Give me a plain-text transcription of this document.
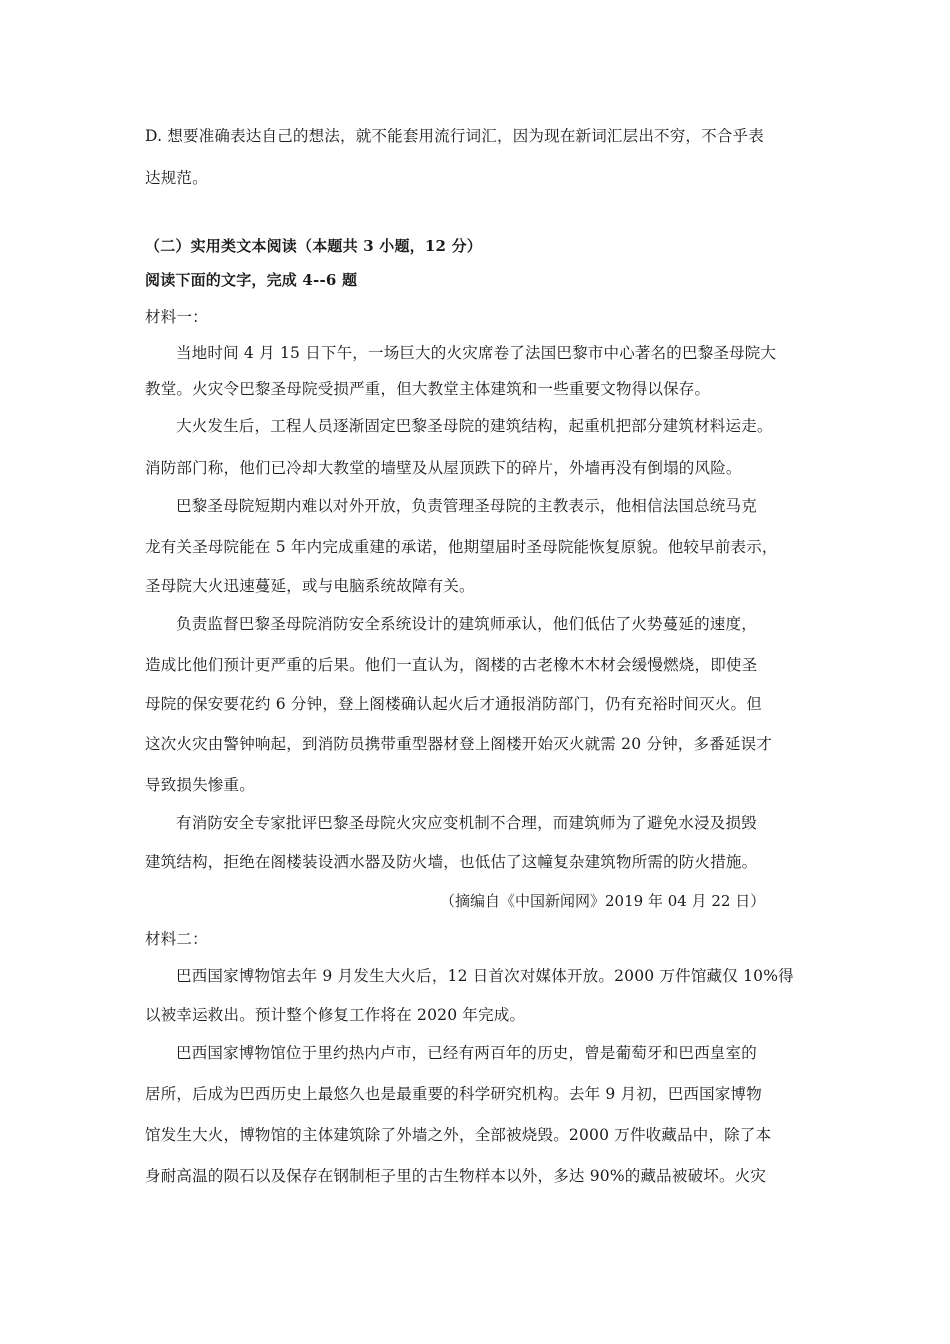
D. 想要准确表达自己的想法，就不能套用流行词汇，因为现在新词汇层出不穷，不合乎表
达规范。
（二）实用类文本阅读（本题共 3 小题，12 分）
阅读下面的文字，完成 4--6 题
材料一：
当地时间 4 月 15 日下午，一场巨大的火灾席卷了法国巴黎市中心著名的巴黎圣母院大
教堂。火灾令巴黎圣母院受损严重，但大教堂主体建筑和一些重要文物得以保存。
大火发生后，工程人员逐渐固定巴黎圣母院的建筑结构，起重机把部分建筑材料运走。
消防部门称，他们已冷却大教堂的墙壁及从屋顶跌下的碎片，外墙再没有倒塌的风险。
巴黎圣母院短期内难以对外开放，负责管理圣母院的主教表示，他相信法国总统马克
龙有关圣母院能在 5 年内完成重建的承诺，他期望届时圣母院能恢复原貌。他较早前表示，
圣母院大火迅速蔓延，或与电脑系统故障有关。
负责监督巴黎圣母院消防安全系统设计的建筑师承认，他们低估了火势蔓延的速度，
造成比他们预计更严重的后果。他们一直认为，阁楼的古老橡木木材会缓慢燃烧，即使圣
母院的保安要花约 6 分钟，登上阁楼确认起火后才通报消防部门，仍有充裕时间灭火。但
这次火灾由警钟响起，到消防员携带重型器材登上阁楼开始灭火就需 20 分钟，多番延误才
导致损失惨重。
有消防安全专家批评巴黎圣母院火灾应变机制不合理，而建筑师为了避免水浸及损毁
建筑结构，拒绝在阁楼装设洒水器及防火墙，也低估了这幢复杂建筑物所需的防火措施。
（摘编自《中国新闻网》2019 年 04 月 22 日）
材料二：
巴西国家博物馆去年 9 月发生大火后，12 日首次对媒体开放。2000 万件馆藏仅 10%得
以被幸运救出。预计整个修复工作将在 2020 年完成。
巴西国家博物馆位于里约热内卢市，已经有两百年的历史，曾是葡萄牙和巴西皇室的
居所，后成为巴西历史上最悠久也是最重要的科学研究机构。去年 9 月初，巴西国家博物
馆发生大火，博物馆的主体建筑除了外墙之外，全部被烧毁。2000 万件收藏品中，除了本
身耐高温的陨石以及保存在钢制柜子里的古生物样本以外，多达 90%的藏品被破坏。火灾
